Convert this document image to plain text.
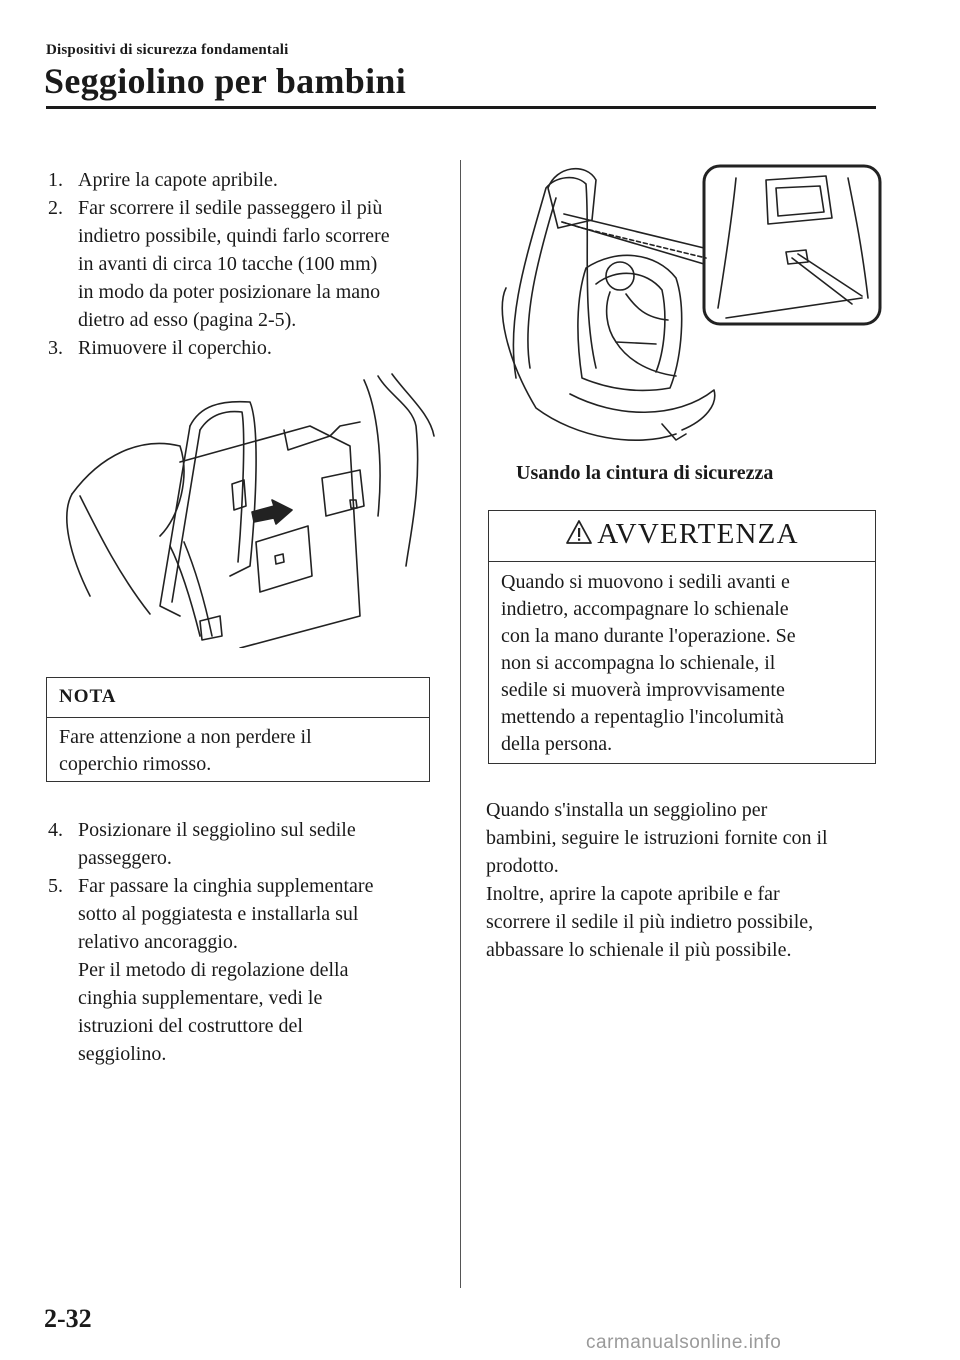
Dispositivi di sicurezza fondamentali
Seggiolino per bambini
1. Aprire la capote apribile.
2. Far scorrere il sedile passeggero il più
indietro possibile, quindi farlo scorrere
in avanti di circa 10 tacche (100 mm)
in modo da poter posizionare la mano
dietro ad esso (pagina 2-5).
3. Rimuovere il coperchio.
NOTA
Fare attenzione a non perdere il
coperchio rimosso.
4. Posizionare il seggiolino sul sedile
passeggero.
5. Far passare la cinghia supplementare
sotto al poggiatesta e installarla sul
relativo ancoraggio.
Per il metodo di regolazione della
cinghia supplementare, vedi le
istruzioni del costruttore del
seggiolino.
Usando la cintura di sicurezza
AVVERTENZA
Quando si muovono i sedili avanti e
indietro, accompagnare lo schienale
con la mano durante l'operazione. Se
non si accompagna lo schienale, il
sedile si muoverà improvvisamente
mettendo a repentaglio l'incolumità
della persona.
Quando s'installa un seggiolino per
bambini, seguire le istruzioni fornite con il
prodotto.
Inoltre, aprire la capote apribile e far
scorrere il sedile il più indietro possibile,
abbassare lo schienale il più possibile.
2-32
carmanualsonline.info
